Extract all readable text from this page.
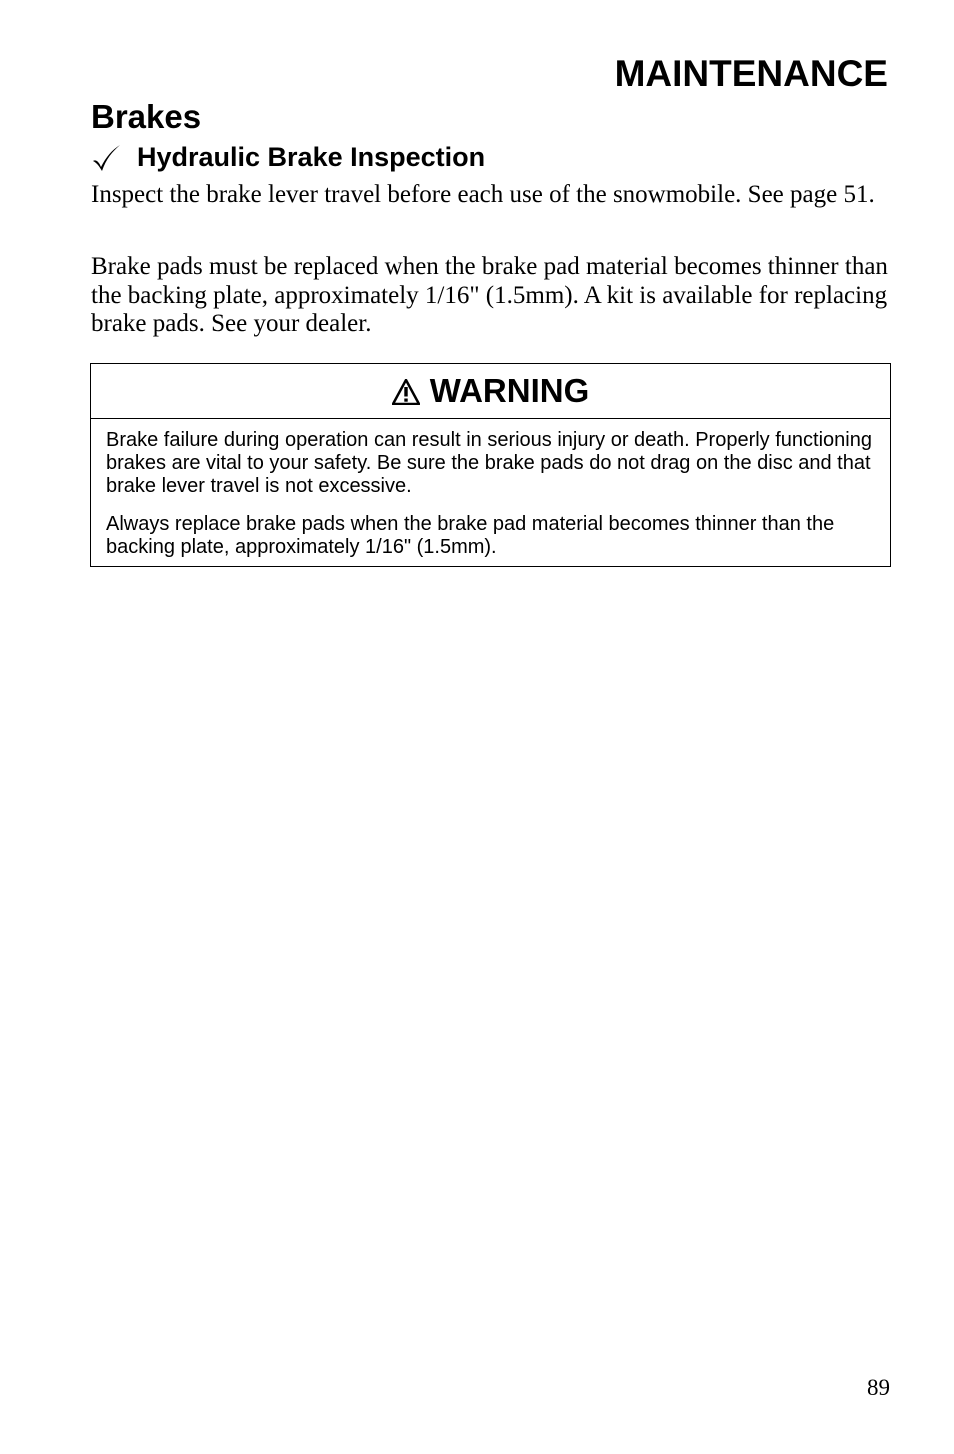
MAINTENANCE
Brakes
Hydraulic Brake Inspection

Inspect the brake lever travel before each use of the snowmobile. See page 51.

Brake pads must be replaced when the brake pad material becomes thinner than the backing plate, approximately 1/16" (1.5mm). A kit is available for replacing brake pads. See your dealer.

WARNING

Brake failure during operation can result in serious injury or death. Properly functioning brakes are vital to your safety. Be sure the brake pads do not drag on the disc and that brake lever travel is not excessive.

Always replace brake pads when the brake pad material becomes thinner than the backing plate, approximately 1/16" (1.5mm).

89
